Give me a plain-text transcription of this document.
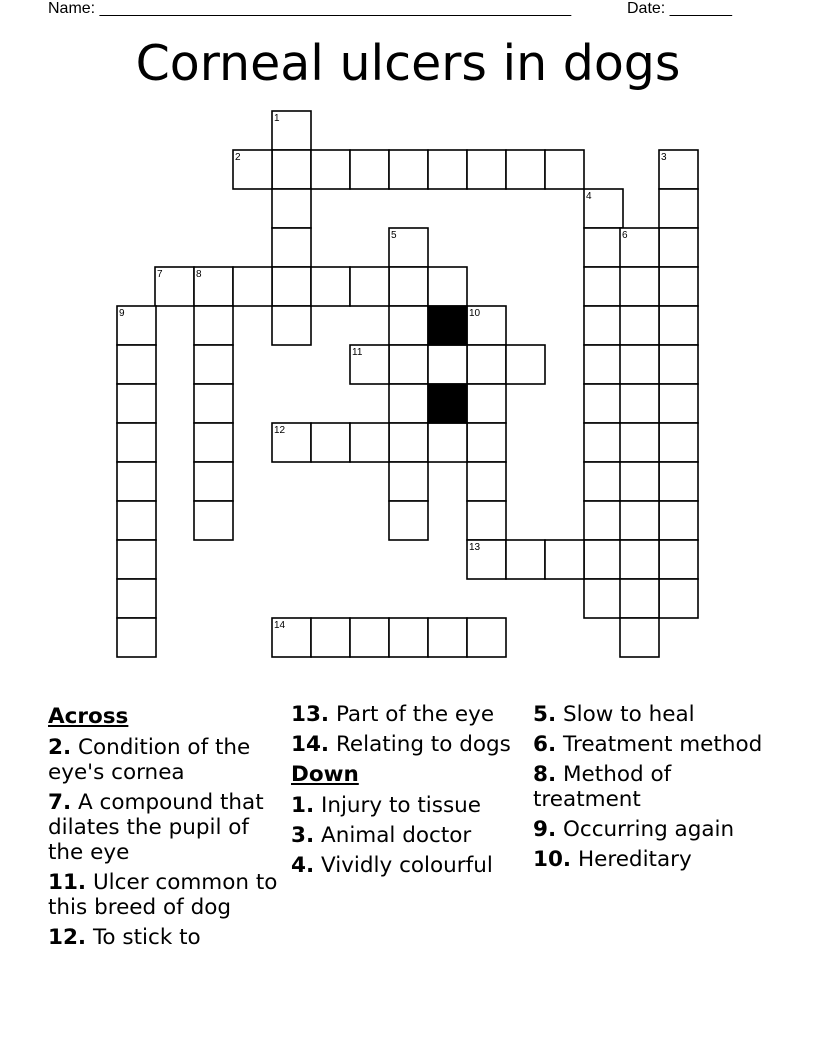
Name: _____________________________________________________	Date: _______
Corneal ulcers in dogs
1
2	3
4
5	6
7	8
9	10
11
12
13
14
Across
2. Condition of the eye's cornea
7. A compound that dilates the pupil of the eye
11. Ulcer common to this breed of dog
12. To stick to
13. Part of the eye
14. Relating to dogs
Down
1. Injury to tissue
3. Animal doctor
4. Vividly colourful
5. Slow to heal
6. Treatment method
8. Method of treatment
9. Occurring again
10. Hereditary
